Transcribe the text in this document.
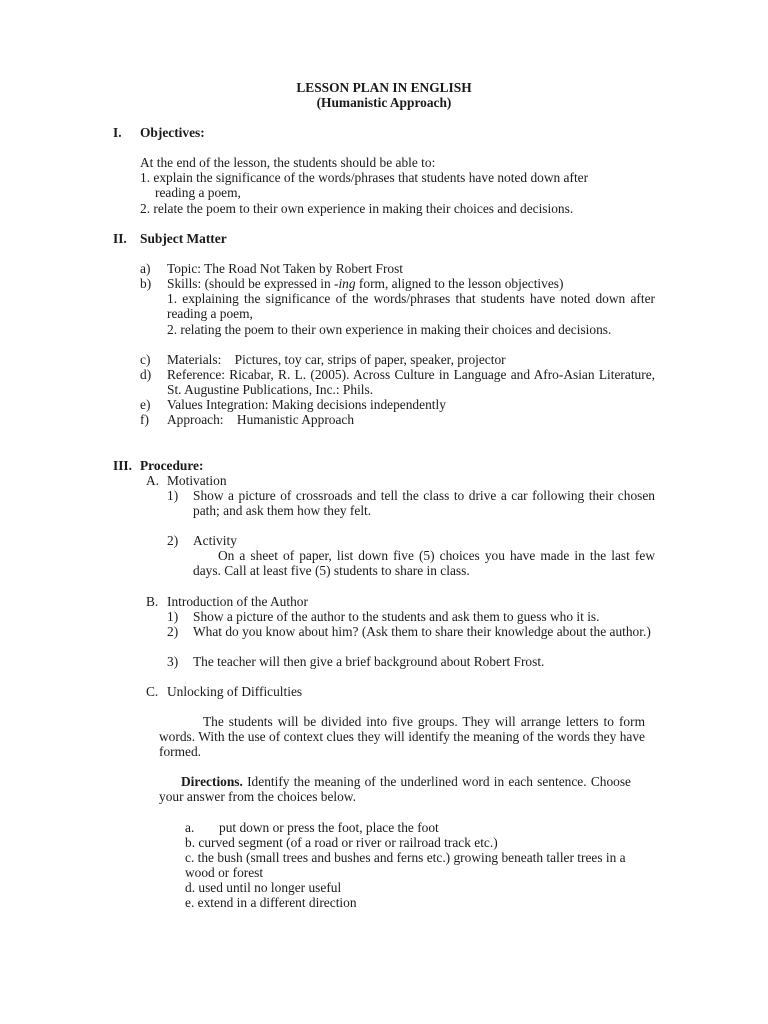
LESSON PLAN IN ENGLISH
(Humanistic Approach)
I. Objectives:
At the end of the lesson, the students should be able to:
1. explain the significance of the words/phrases that students have noted down after
reading a poem,
2. relate the poem to their own experience in making their choices and decisions.
II. Subject Matter
a) Topic: The Road Not Taken by Robert Frost
b) Skills: (should be expressed in -ing form, aligned to the lesson objectives)
1. explaining the significance of the words/phrases that students have noted down after reading a poem,
2. relating the poem to their own experience in making their choices and decisions.
c) Materials:    Pictures, toy car, strips of paper, speaker, projector
d) Reference: Ricabar, R. L. (2005). Across Culture in Language and Afro-Asian Literature, St. Augustine Publications, Inc.: Phils.
e) Values Integration: Making decisions independently
f) Approach:    Humanistic Approach
III. Procedure:
A. Motivation
1) Show a picture of crossroads and tell the class to drive a car following their chosen path; and ask them how they felt.
2) Activity
On a sheet of paper, list down five (5) choices you have made in the last few days. Call at least five (5) students to share in class.
B. Introduction of the Author
1) Show a picture of the author to the students and ask them to guess who it is.
2) What do you know about him? (Ask them to share their knowledge about the author.)
3) The teacher will then give a brief background about Robert Frost.
C. Unlocking of Difficulties
The students will be divided into five groups. They will arrange letters to form words. With the use of context clues they will identify the meaning of the words they have formed.
Directions. Identify the meaning of the underlined word in each sentence. Choose your answer from the choices below.
a. put down or press the foot, place the foot
b. curved segment (of a road or river or railroad track etc.)
c. the bush (small trees and bushes and ferns etc.) growing beneath taller trees in a wood or forest
d. used until no longer useful
e. extend in a different direction
